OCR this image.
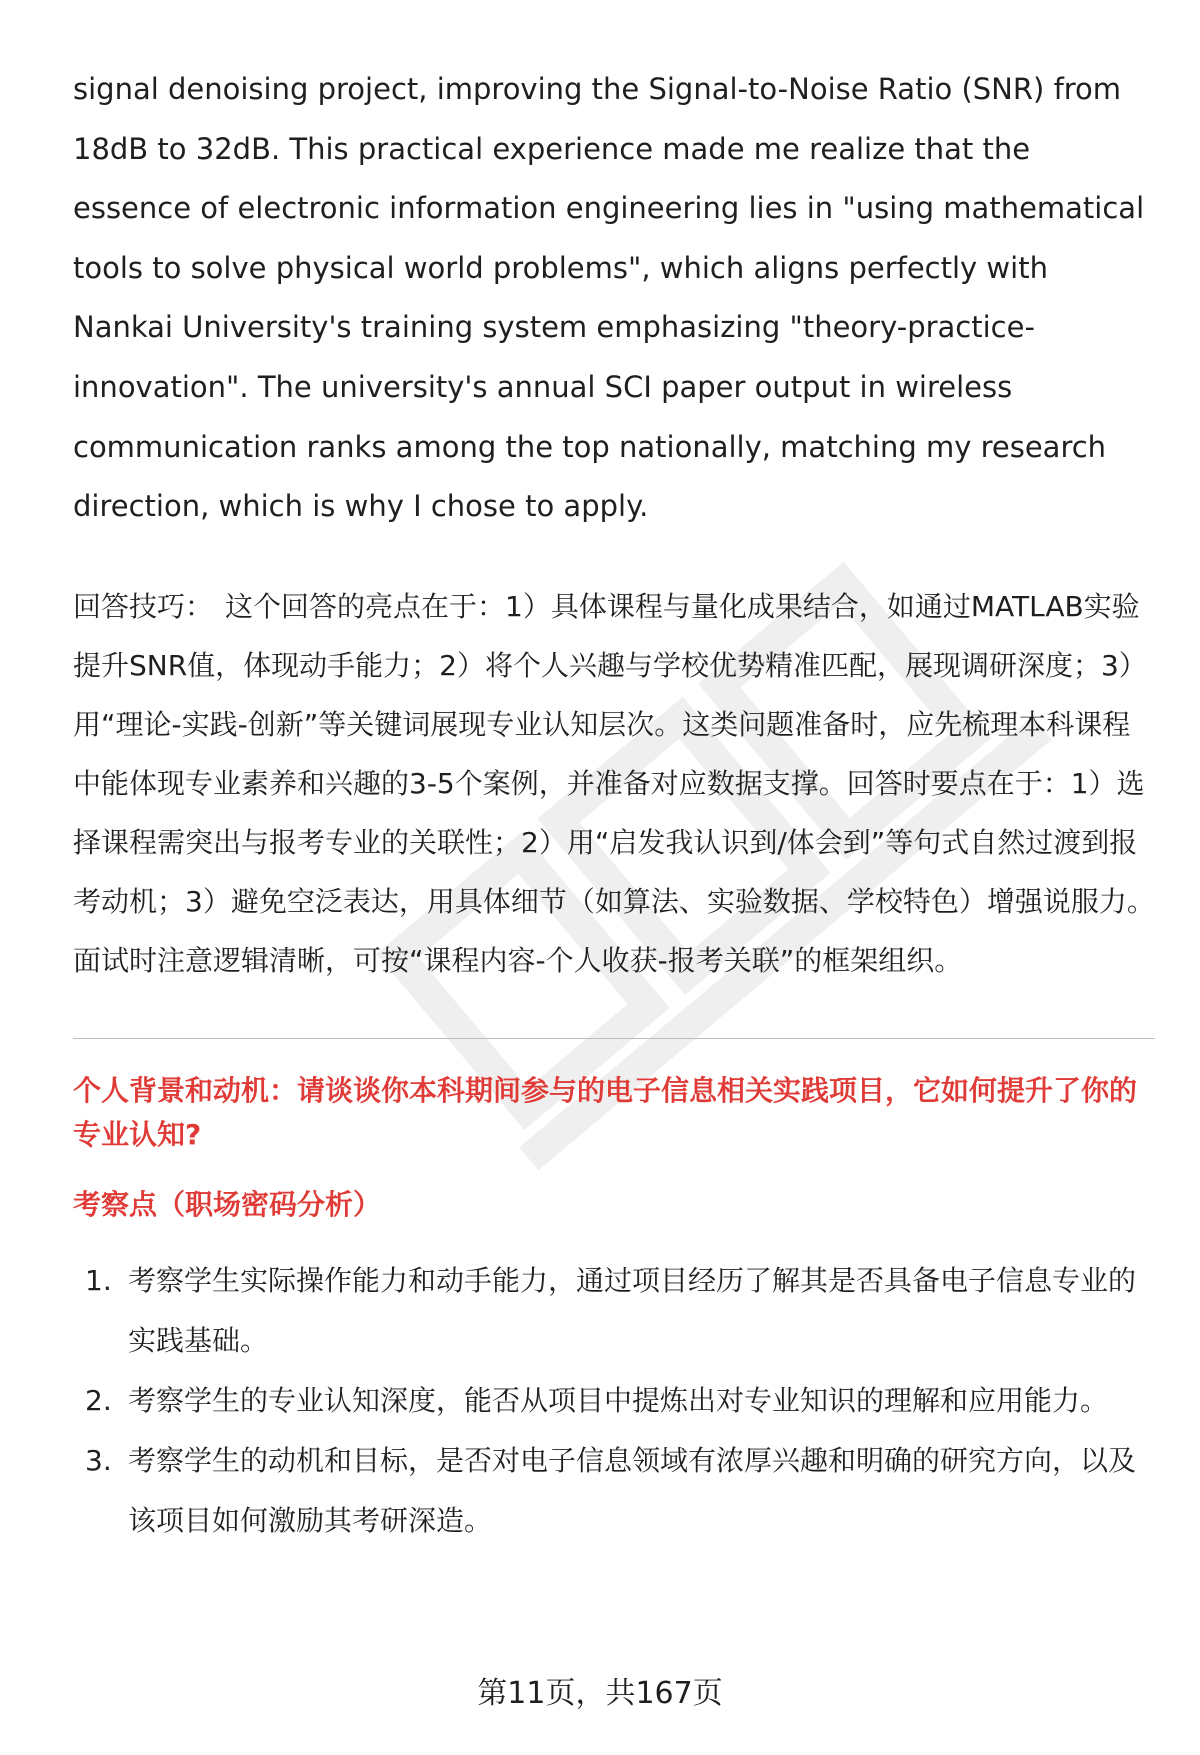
signal denoising project, improving the Signal-to-Noise Ratio (SNR) from 18dB to 32dB. This practical experience made me realize that the essence of electronic information engineering lies in "using mathematical tools to solve physical world problems", which aligns perfectly with Nankai University's training system emphasizing "theory-practice-innovation". The university's annual SCI paper output in wireless communication ranks among the top nationally, matching my research direction, which is why I chose to apply.

回答技巧： 这个回答的亮点在于：1）具体课程与量化成果结合，如通过MATLAB实验提升SNR值，体现动手能力；2）将个人兴趣与学校优势精准匹配，展现调研深度；3）用“理论-实践-创新”等关键词展现专业认知层次。这类问题准备时，应先梳理本科课程中能体现专业素养和兴趣的3-5个案例，并准备对应数据支撑。回答时要点在于：1）选择课程需突出与报考专业的关联性；2）用“启发我认识到/体会到”等句式自然过渡到报考动机；3）避免空泛表达，用具体细节（如算法、实验数据、学校特色）增强说服力。面试时注意逻辑清晰，可按“课程内容-个人收获-报考关联”的框架组织。
个人背景和动机：请谈谈你本科期间参与的电子信息相关实践项目，它如何提升了你的专业认知?
考察点（职场密码分析）
1. 考察学生实际操作能力和动手能力，通过项目经历了解其是否具备电子信息专业的实践基础。
2. 考察学生的专业认知深度，能否从项目中提炼出对专业知识的理解和应用能力。
3. 考察学生的动机和目标，是否对电子信息领域有浓厚兴趣和明确的研究方向，以及该项目如何激励其考研深造。
第11页，共167页
